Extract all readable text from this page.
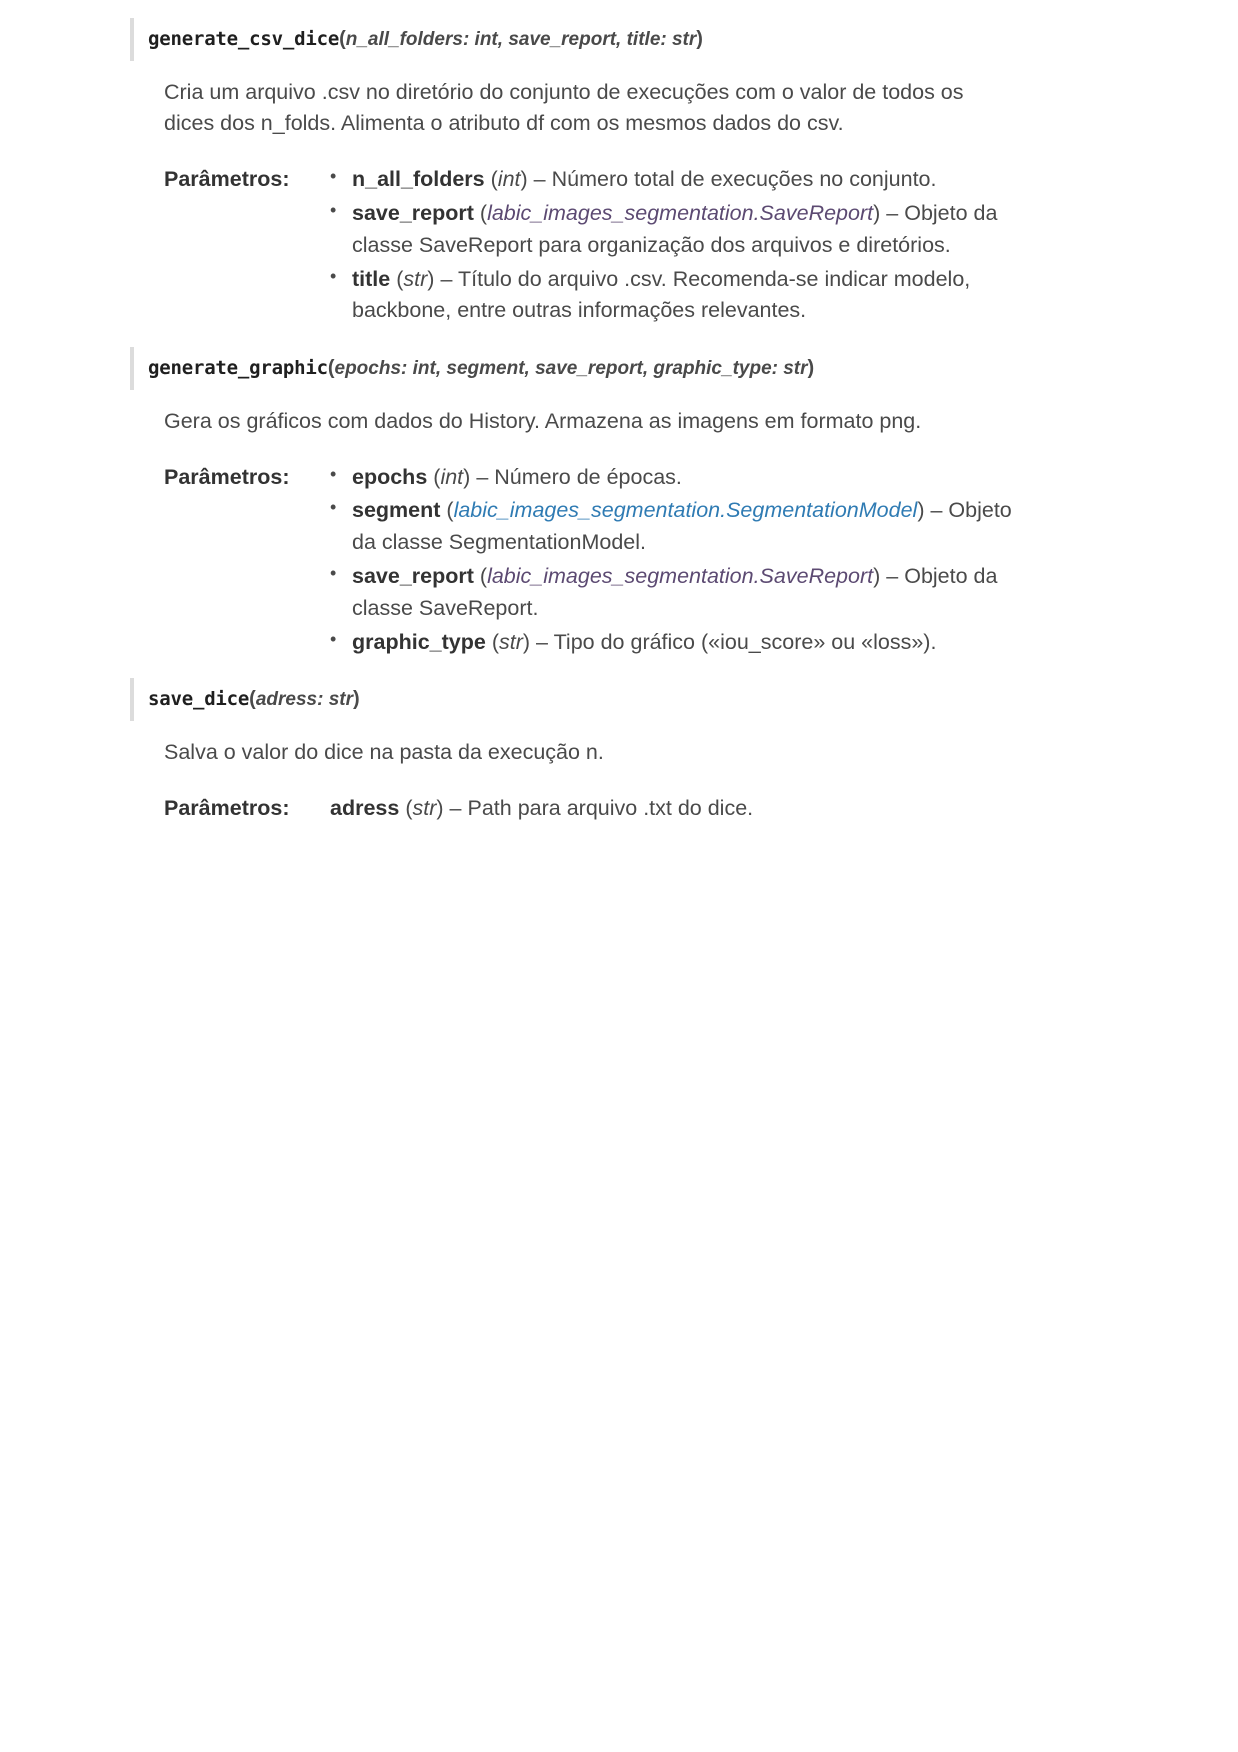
generate_csv_dice(n_all_folders: int, save_report, title: str)

Cria um arquivo .csv no diretório do conjunto de execuções com o valor de todos os dices dos n_folds. Alimenta o atributo df com os mesmos dados do csv.

Parâmetros:	• n_all_folders (int) – Número total de execuções no conjunto.
• save_report (labic_images_segmentation.SaveReport) – Objeto da classe SaveReport para organização dos arquivos e diretórios.
• title (str) – Título do arquivo .csv. Recomenda-se indicar modelo, backbone, entre outras informações relevantes.
generate_graphic(epochs: int, segment, save_report, graphic_type: str)

Gera os gráficos com dados do History. Armazena as imagens em formato png.

Parâmetros:	• epochs (int) – Número de épocas.
• segment (labic_images_segmentation.SegmentationModel) – Objeto da classe SegmentationModel.
• save_report (labic_images_segmentation.SaveReport) – Objeto da classe SaveReport.
• graphic_type (str) – Tipo do gráfico («iou_score» ou «loss»).
save_dice(adress: str)

Salva o valor do dice na pasta da execução n.

Parâmetros:	adress (str) – Path para arquivo .txt do dice.
